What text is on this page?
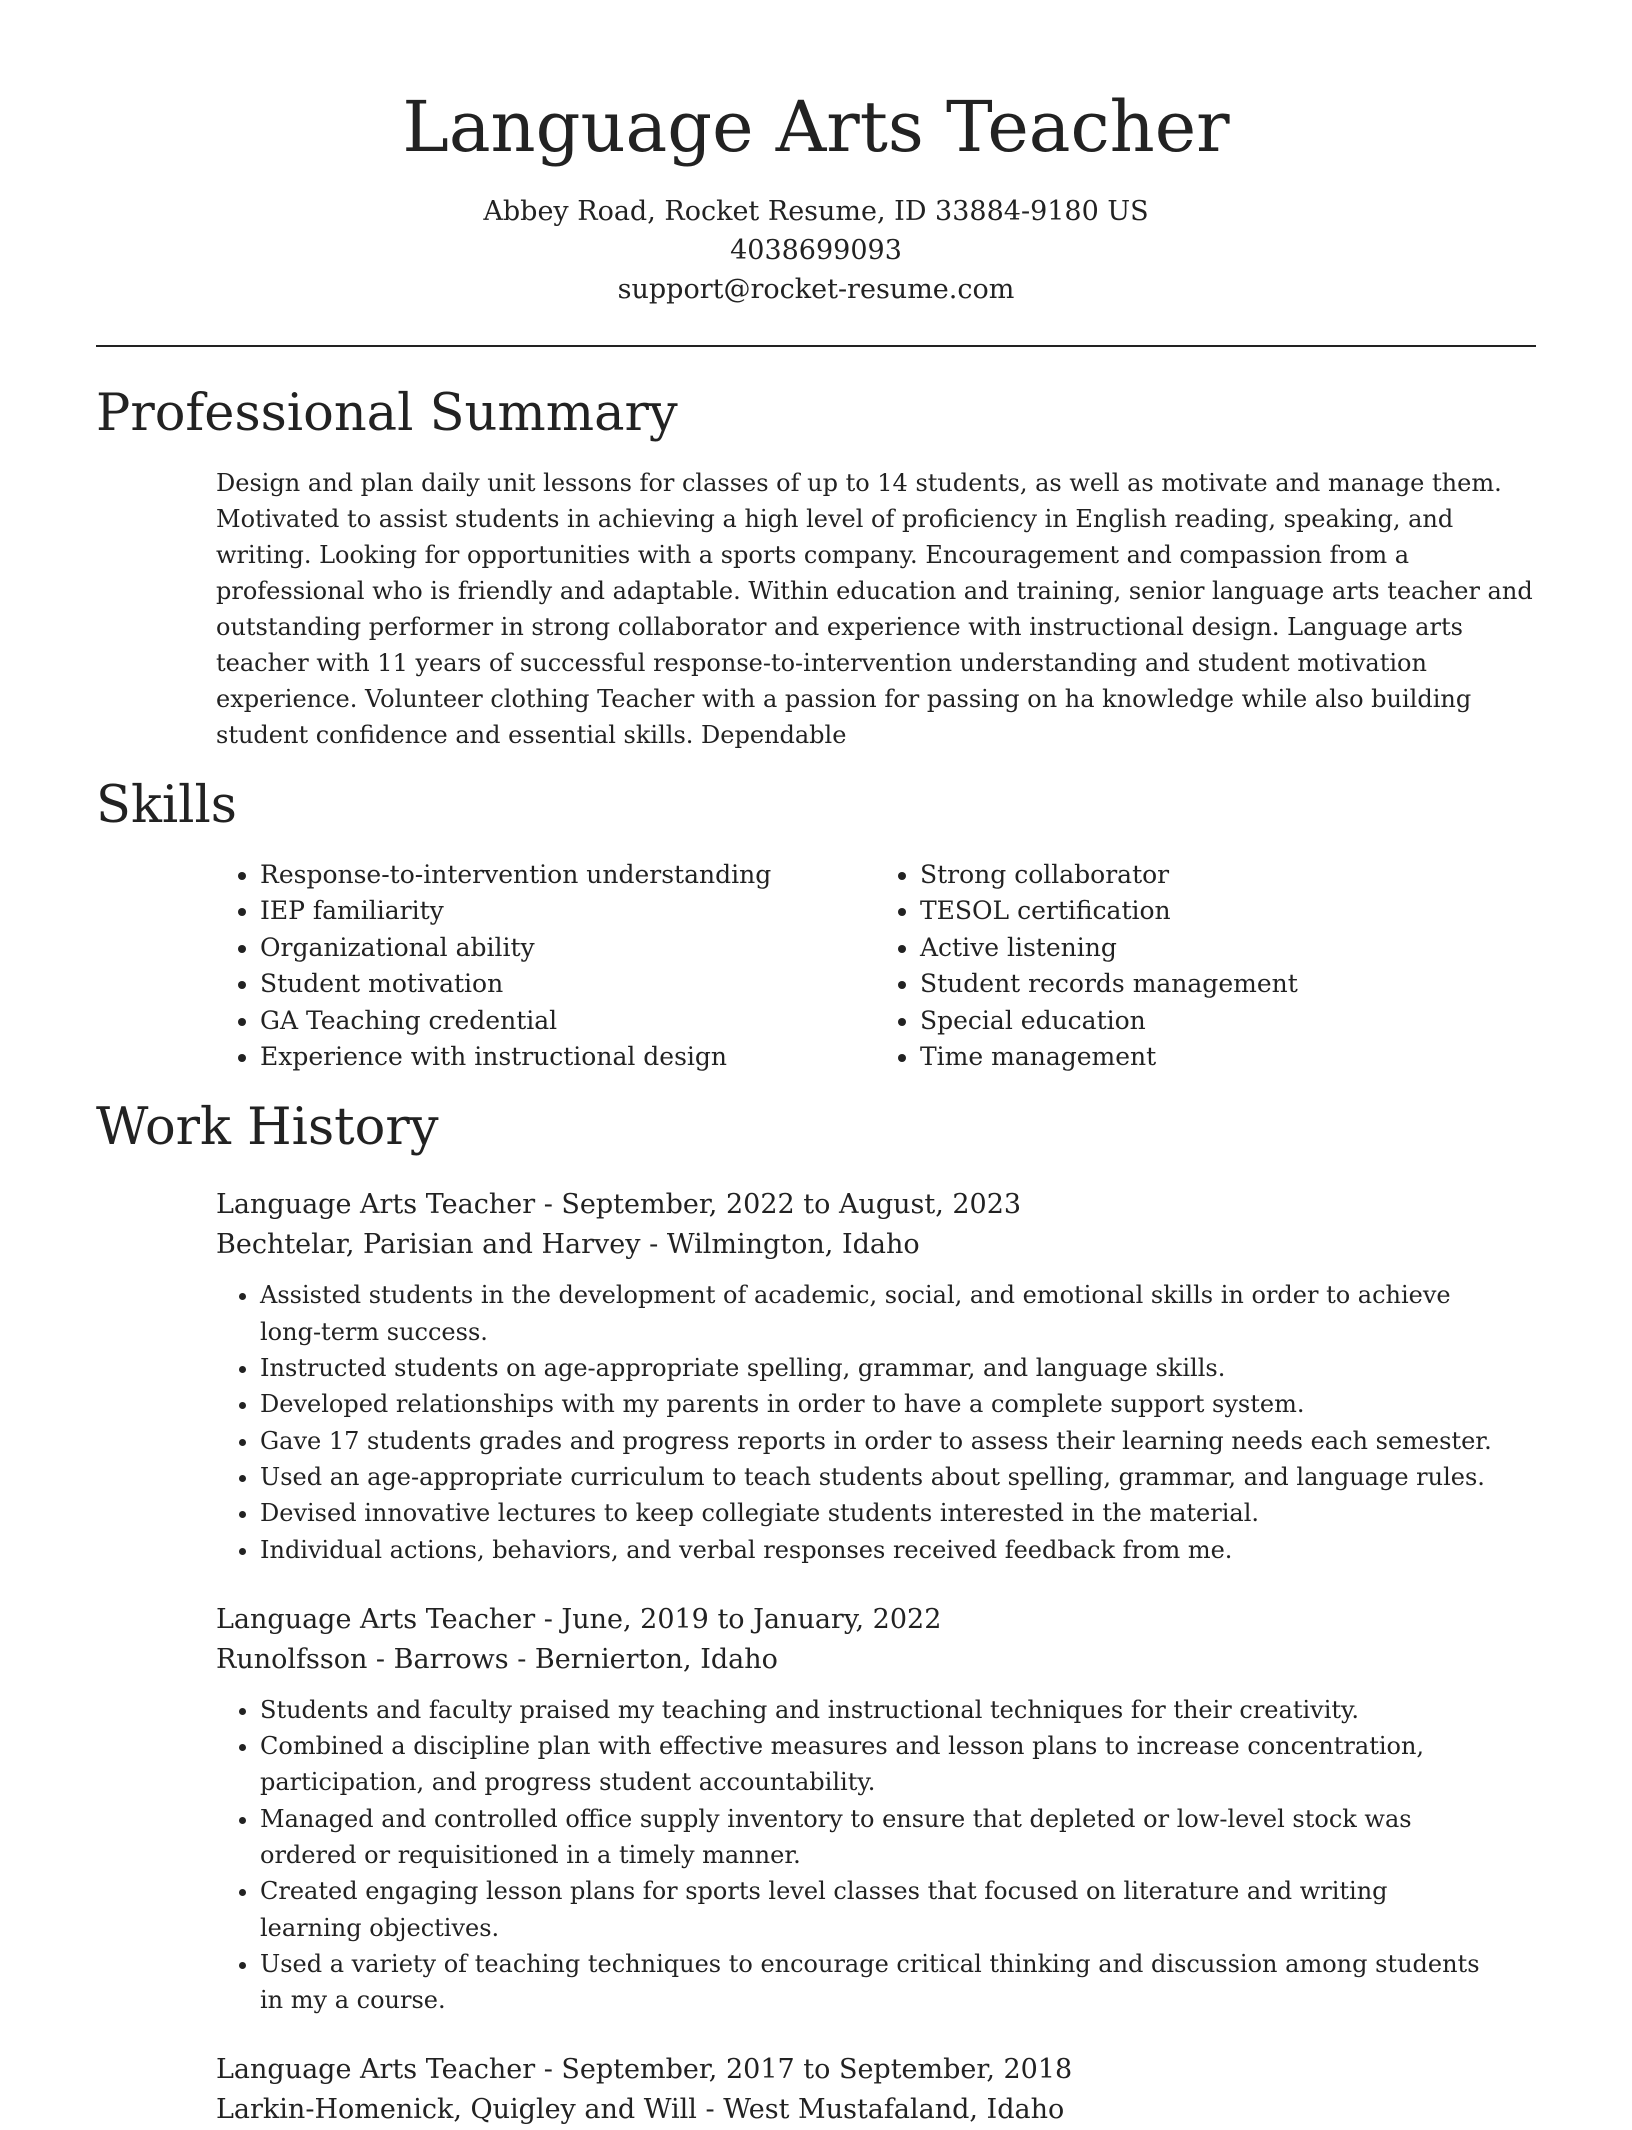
Language Arts Teacher
Abbey Road, Rocket Resume, ID 33884-9180 US
4038699093
support@rocket-resume.com
Professional Summary
Design and plan daily unit lessons for classes of up to 14 students, as well as motivate and manage them. Motivated to assist students in achieving a high level of proficiency in English reading, speaking, and writing. Looking for opportunities with a sports company. Encouragement and compassion from a professional who is friendly and adaptable. Within education and training, senior language arts teacher and outstanding performer in strong collaborator and experience with instructional design. Language arts teacher with 11 years of successful response-to-intervention understanding and student motivation experience. Volunteer clothing Teacher with a passion for passing on ha knowledge while also building student confidence and essential skills. Dependable
Skills
• Response-to-intervention understanding
• IEP familiarity
• Organizational ability
• Student motivation
• GA Teaching credential
• Experience with instructional design
• Strong collaborator
• TESOL certification
• Active listening
• Student records management
• Special education
• Time management
Work History
Language Arts Teacher - September, 2022 to August, 2023
Bechtelar, Parisian and Harvey - Wilmington, Idaho
• Assisted students in the development of academic, social, and emotional skills in order to achieve long-term success.
• Instructed students on age-appropriate spelling, grammar, and language skills.
• Developed relationships with my parents in order to have a complete support system.
• Gave 17 students grades and progress reports in order to assess their learning needs each semester.
• Used an age-appropriate curriculum to teach students about spelling, grammar, and language rules.
• Devised innovative lectures to keep collegiate students interested in the material.
• Individual actions, behaviors, and verbal responses received feedback from me.
Language Arts Teacher - June, 2019 to January, 2022
Runolfsson - Barrows - Bernierton, Idaho
• Students and faculty praised my teaching and instructional techniques for their creativity.
• Combined a discipline plan with effective measures and lesson plans to increase concentration, participation, and progress student accountability.
• Managed and controlled office supply inventory to ensure that depleted or low-level stock was ordered or requisitioned in a timely manner.
• Created engaging lesson plans for sports level classes that focused on literature and writing learning objectives.
• Used a variety of teaching techniques to encourage critical thinking and discussion among students in my a course.
Language Arts Teacher - September, 2017 to September, 2018
Larkin-Homenick, Quigley and Will - West Mustafaland, Idaho
